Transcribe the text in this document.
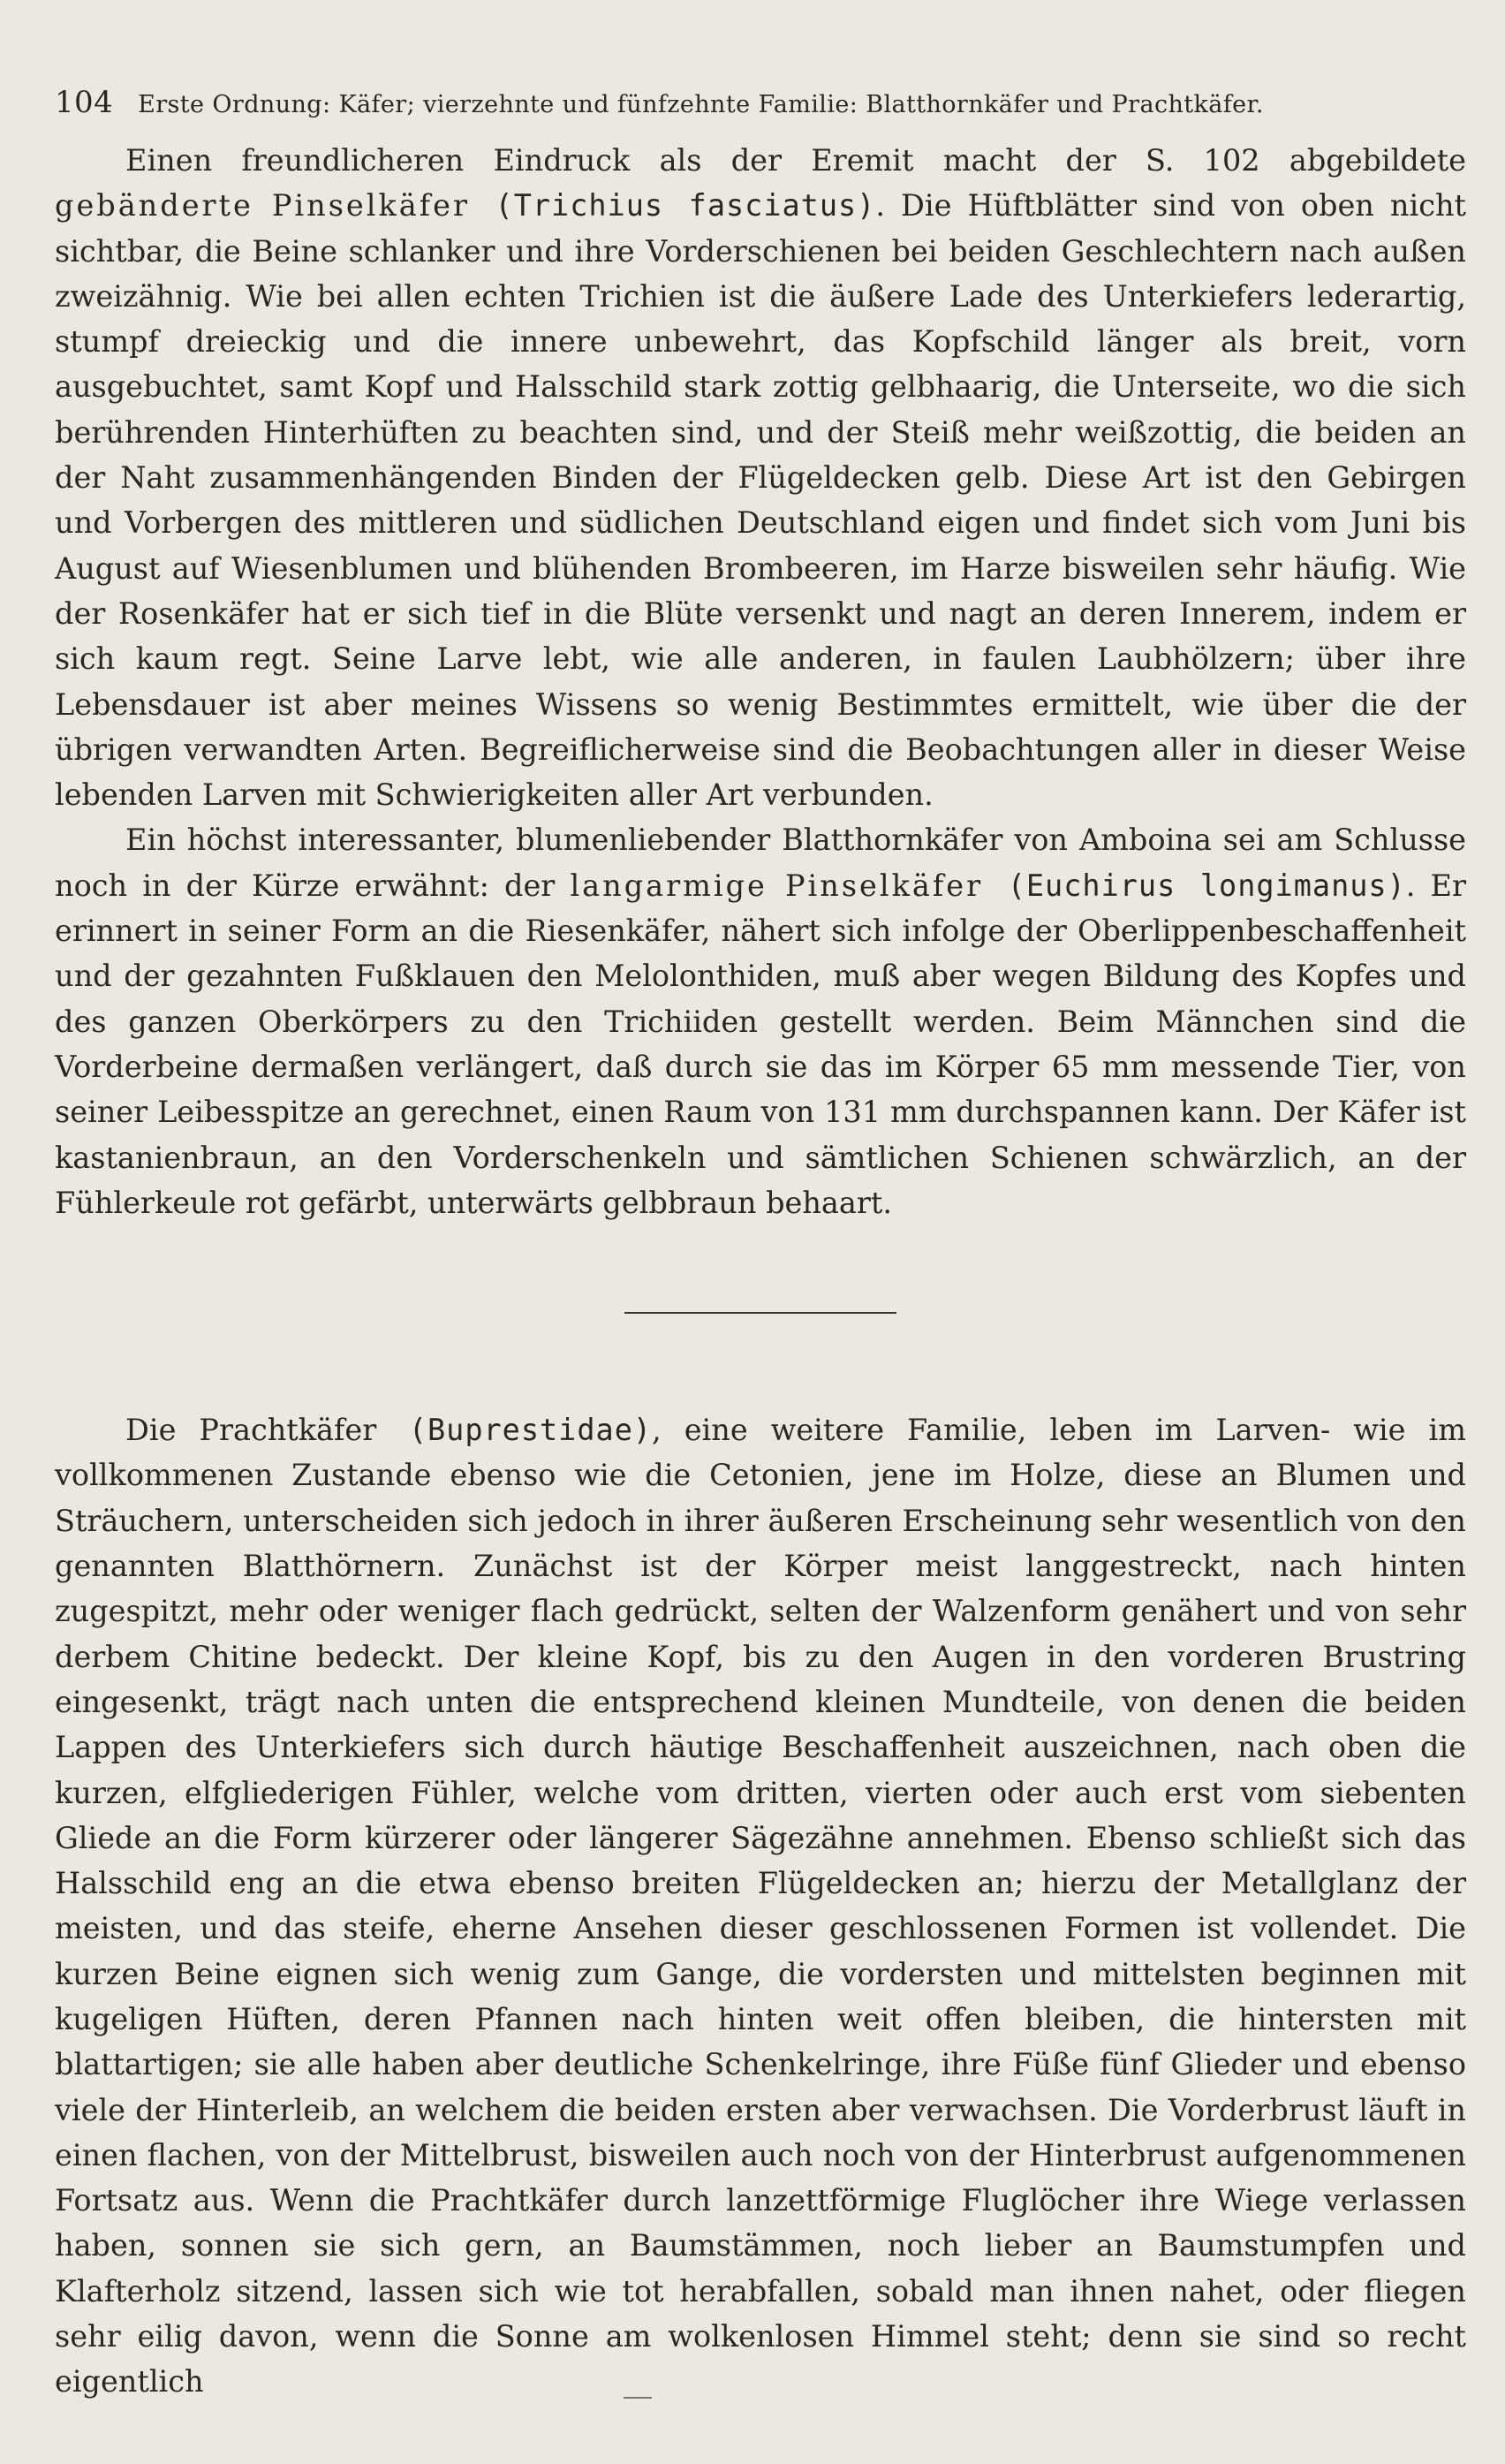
104 Erste Ordnung: Käfer; vierzehnte und fünfzehnte Familie: Blatthornkäfer und Prachtkäfer.

Einen freundlicheren Eindruck als der Eremit macht der S. 102 abgebildete gebänderte Pinselkäfer (Trichius fasciatus). Die Hüftblätter sind von oben nicht sichtbar, die Beine schlanker und ihre Vorderschienen bei beiden Geschlechtern nach außen zweizähnig. Wie bei allen echten Trichien ist die äußere Lade des Unterkiefers lederartig, stumpf dreieckig und die innere unbewehrt, das Kopfschild länger als breit, vorn ausgebuchtet, samt Kopf und Halsschild stark zottig gelbhaarig, die Unterseite, wo die sich berührenden Hinterhüften zu beachten sind, und der Steiß mehr weißzottig, die beiden an der Naht zusammenhängenden Binden der Flügeldecken gelb. Diese Art ist den Gebirgen und Vorbergen des mittleren und südlichen Deutschland eigen und findet sich vom Juni bis August auf Wiesenblumen und blühenden Brombeeren, im Harze bisweilen sehr häufig. Wie der Rosenkäfer hat er sich tief in die Blüte versenkt und nagt an deren Innerem, indem er sich kaum regt. Seine Larve lebt, wie alle anderen, in faulen Laubhölzern; über ihre Lebensdauer ist aber meines Wissens so wenig Bestimmtes ermittelt, wie über die der übrigen verwandten Arten. Begreiflicherweise sind die Beobachtungen aller in dieser Weise lebenden Larven mit Schwierigkeiten aller Art verbunden.

Ein höchst interessanter, blumenliebender Blatthornkäfer von Amboina sei am Schlusse noch in der Kürze erwähnt: der langarmige Pinselkäfer (Euchirus longimanus). Er erinnert in seiner Form an die Riesenkäfer, nähert sich infolge der Oberlippenbeschaffenheit und der gezahnten Fußklauen den Melolonthiden, muß aber wegen Bildung des Kopfes und des ganzen Oberkörpers zu den Trichiiden gestellt werden. Beim Männchen sind die Vorderbeine dermaßen verlängert, daß durch sie das im Körper 65 mm messende Tier, von seiner Leibesspitze an gerechnet, einen Raum von 131 mm durchspannen kann. Der Käfer ist kastanienbraun, an den Vorderschenkeln und sämtlichen Schienen schwärzlich, an der Fühlerkeule rot gefärbt, unterwärts gelbbraun behaart.

Die Prachtkäfer (Buprestidae), eine weitere Familie, leben im Larven- wie im vollkommenen Zustande ebenso wie die Cetonien, jene im Holze, diese an Blumen und Sträuchern, unterscheiden sich jedoch in ihrer äußeren Erscheinung sehr wesentlich von den genannten Blatthörnern. Zunächst ist der Körper meist langgestreckt, nach hinten zugespitzt, mehr oder weniger flach gedrückt, selten der Walzenform genähert und von sehr derbem Chitine bedeckt. Der kleine Kopf, bis zu den Augen in den vorderen Brustring eingesenkt, trägt nach unten die entsprechend kleinen Mundteile, von denen die beiden Lappen des Unterkiefers sich durch häutige Beschaffenheit auszeichnen, nach oben die kurzen, elfgliederigen Fühler, welche vom dritten, vierten oder auch erst vom siebenten Gliede an die Form kürzerer oder längerer Sägezähne annehmen. Ebenso schließt sich das Halsschild eng an die etwa ebenso breiten Flügeldecken an; hierzu der Metallglanz der meisten, und das steife, eherne Ansehen dieser geschlossenen Formen ist vollendet. Die kurzen Beine eignen sich wenig zum Gange, die vordersten und mittelsten beginnen mit kugeligen Hüften, deren Pfannen nach hinten weit offen bleiben, die hintersten mit blattartigen; sie alle haben aber deutliche Schenkelringe, ihre Füße fünf Glieder und ebenso viele der Hinterleib, an welchem die beiden ersten aber verwachsen. Die Vorderbrust läuft in einen flachen, von der Mittelbrust, bisweilen auch noch von der Hinterbrust aufgenommenen Fortsatz aus. Wenn die Prachtkäfer durch lanzettförmige Fluglöcher ihre Wiege verlassen haben, sonnen sie sich gern, an Baumstämmen, noch lieber an Baumstumpfen und Klafterholz sitzend, lassen sich wie tot herabfallen, sobald man ihnen nahet, oder fliegen sehr eilig davon, wenn die Sonne am wolkenlosen Himmel steht; denn sie sind so recht eigentlich
